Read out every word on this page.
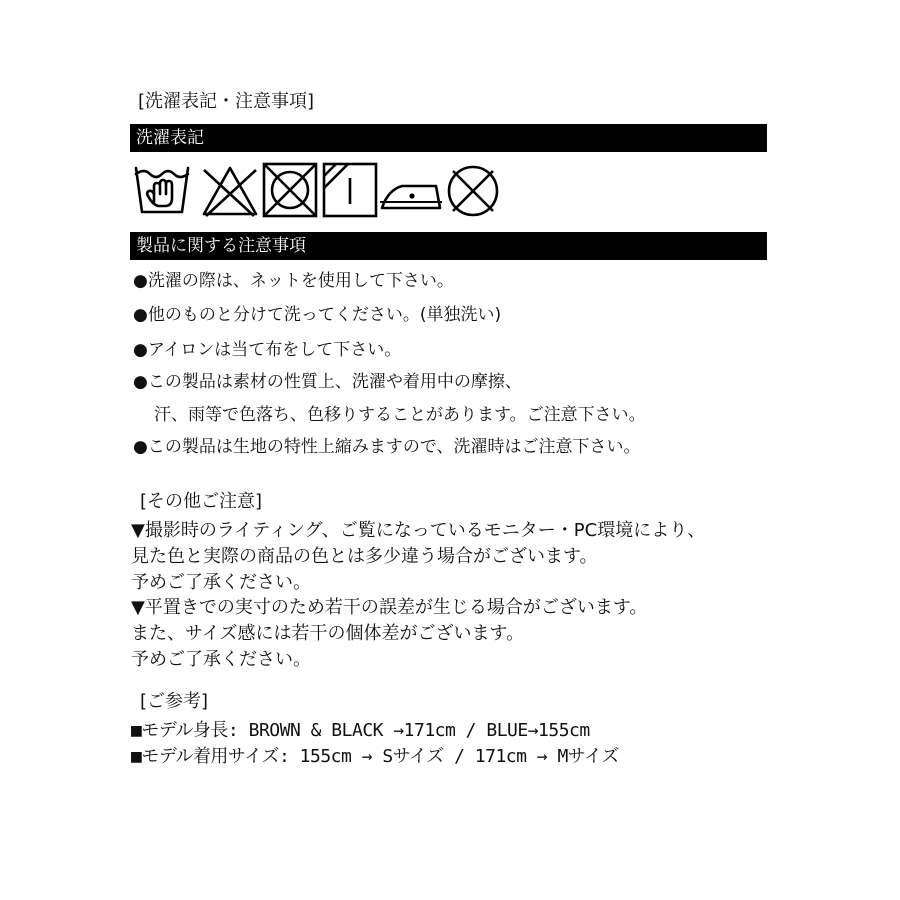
[洗濯表記・注意事項]
洗濯表記
製品に関する注意事項
●洗濯の際は、ネットを使用して下さい。
●他のものと分けて洗ってください。(単独洗い)
●アイロンは当て布をして下さい。
●この製品は素材の性質上、洗濯や着用中の摩擦、
汗、雨等で色落ち、色移りすることがあります。ご注意下さい。
●この製品は生地の特性上縮みますので、洗濯時はご注意下さい。
[その他ご注意]
▼撮影時のライティング、ご覧になっているモニター・PC環境により、
見た色と実際の商品の色とは多少違う場合がございます。
予めご了承ください。
▼平置きでの実寸のため若干の誤差が生じる場合がございます。
また、サイズ感には若干の個体差がございます。
予めご了承ください。
[ご参考]
■モデル身長: BROWN & BLACK →171cm / BLUE→155cm
■モデル着用サイズ: 155cm → Sサイズ / 171cm → Mサイズ
